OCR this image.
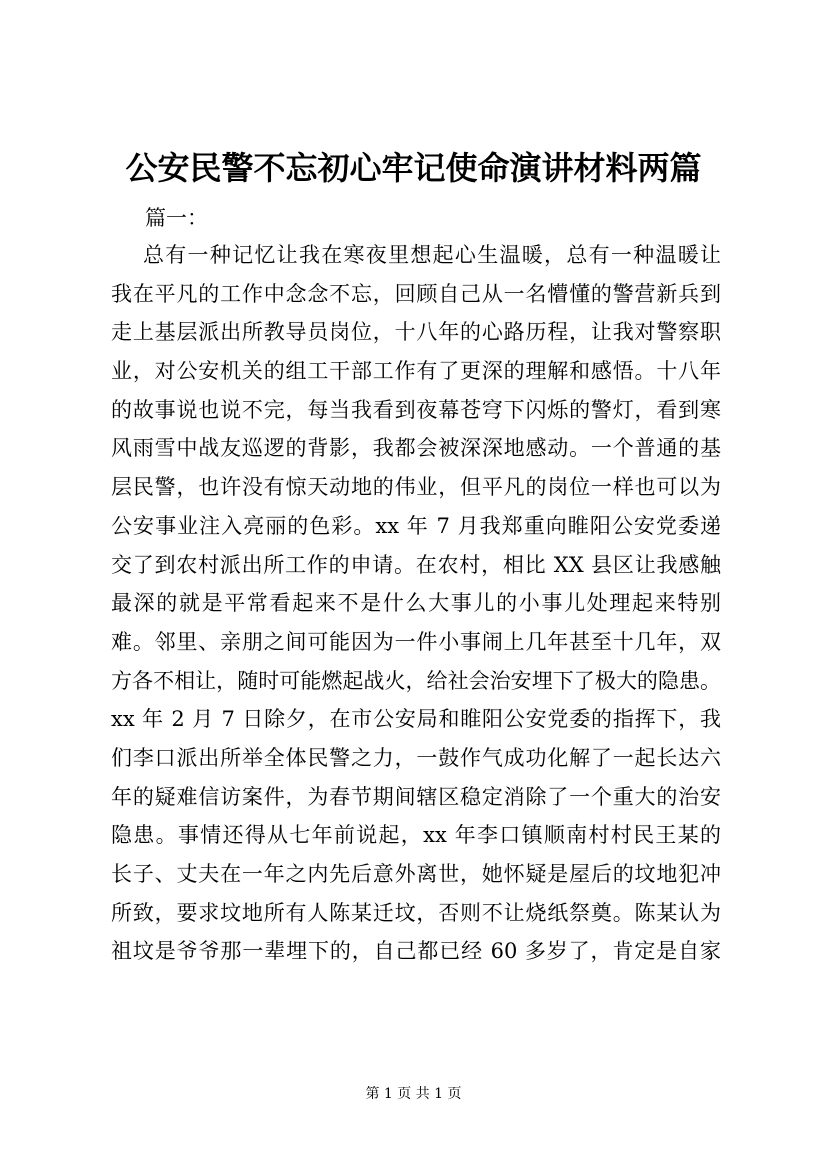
公安民警不忘初心牢记使命演讲材料两篇
篇一：
总有一种记忆让我在寒夜里想起心生温暖，总有一种温暖让
我在平凡的工作中念念不忘，回顾自己从一名懵懂的警营新兵到
走上基层派出所教导员岗位，十八年的心路历程，让我对警察职
业，对公安机关的组工干部工作有了更深的理解和感悟。十八年
的故事说也说不完，每当我看到夜幕苍穹下闪烁的警灯，看到寒
风雨雪中战友巡逻的背影，我都会被深深地感动。一个普通的基
层民警，也许没有惊天动地的伟业，但平凡的岗位一样也可以为
公安事业注入亮丽的色彩。xx 年 7 月我郑重向睢阳公安党委递
交了到农村派出所工作的申请。在农村，相比 XX 县区让我感触
最深的就是平常看起来不是什么大事儿的小事儿处理起来特别
难。邻里、亲朋之间可能因为一件小事闹上几年甚至十几年，双
方各不相让，随时可能燃起战火，给社会治安埋下了极大的隐患。
xx 年 2 月 7 日除夕，在市公安局和睢阳公安党委的指挥下，我
们李口派出所举全体民警之力，一鼓作气成功化解了一起长达六
年的疑难信访案件，为春节期间辖区稳定消除了一个重大的治安
隐患。事情还得从七年前说起，xx 年李口镇顺南村村民王某的
长子、丈夫在一年之内先后意外离世，她怀疑是屋后的坟地犯冲
所致，要求坟地所有人陈某迁坟，否则不让烧纸祭奠。陈某认为
祖坟是爷爷那一辈埋下的，自己都已经 60 多岁了，肯定是自家
第 1 页 共 1 页
